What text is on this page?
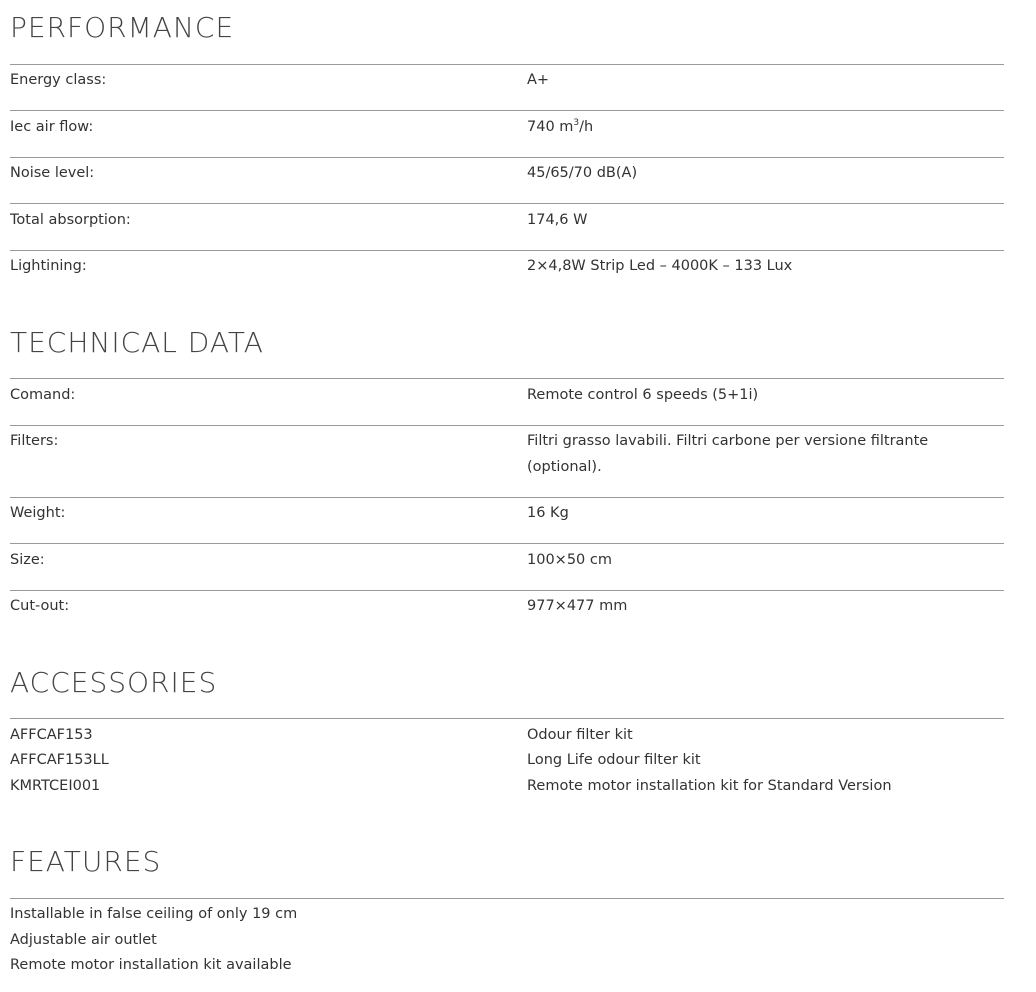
PERFORMANCE
Energy class:	A+
Iec air flow:	740 $m^3/h$
Noise level:	45/65/70 dB(A)
Total absorption:	174,6 W
Lightining:	2×4,8W Strip Led – 4000K – 133 Lux
TECHNICAL DATA
Comand:	Remote control 6 speeds (5+1i)
Filters:	Filtri grasso lavabili. Filtri carbone per versione filtrante (optional).
Weight:	16 Kg
Size:	100×50 cm
Cut-out:	977×477 mm
ACCESSORIES
AFFCAF153	Odour filter kit
AFFCAF153LL	Long Life odour filter kit
KMRTCEI001	Remote motor installation kit for Standard Version
FEATURES
Installable in false ceiling of only 19 cm
Adjustable air outlet
Remote motor installation kit available
